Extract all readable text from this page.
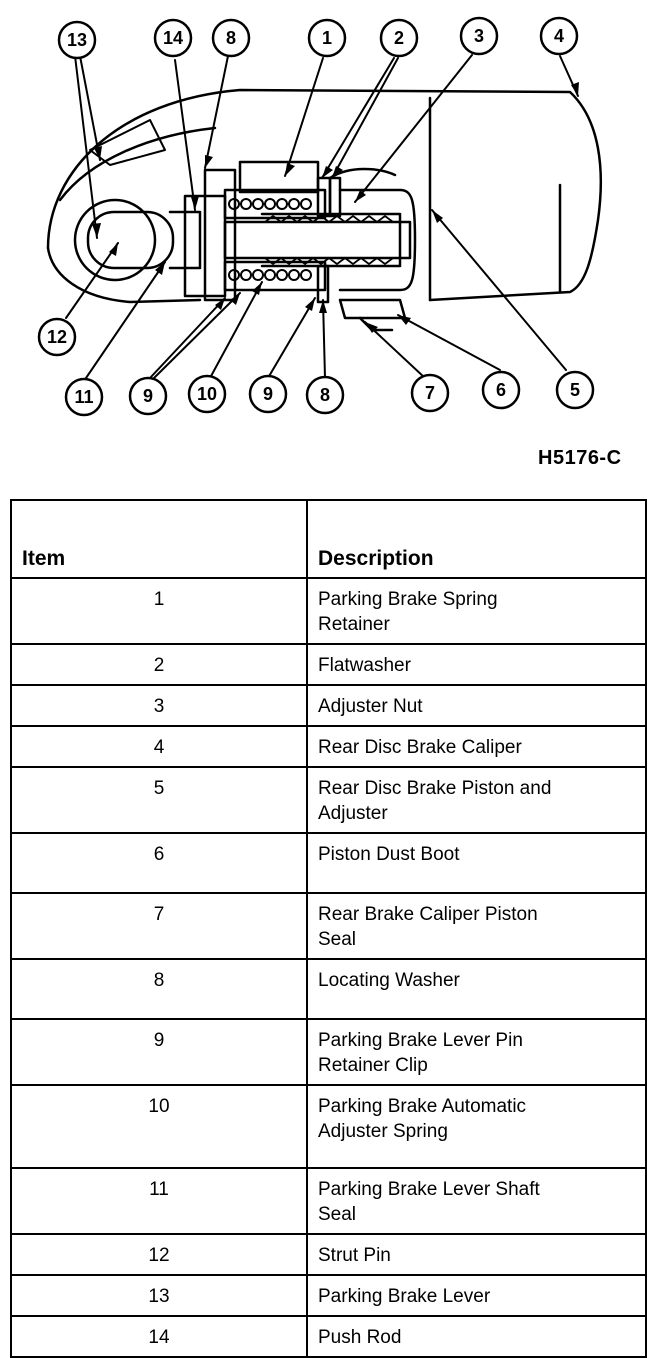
13	14 8	1	2	3	4
12
11	9 10	9	8	7	6	5
H5176-C
Item	Description
1	Parking Brake Spring
Retainer

2	Flatwasher

3	Adjuster Nut

4	Rear Disc Brake Caliper

5	Rear Disc Brake Piston and
Adjuster

6	Piston Dust Boot

7	Rear Brake Caliper Piston
Seal

8	Locating Washer

9	Parking Brake Lever Pin
Retainer Clip

10	Parking Brake Automatic
Adjuster Spring

11	Parking Brake Lever Shaft
Seal

12	Strut Pin

13	Parking Brake Lever

14	Push Rod
